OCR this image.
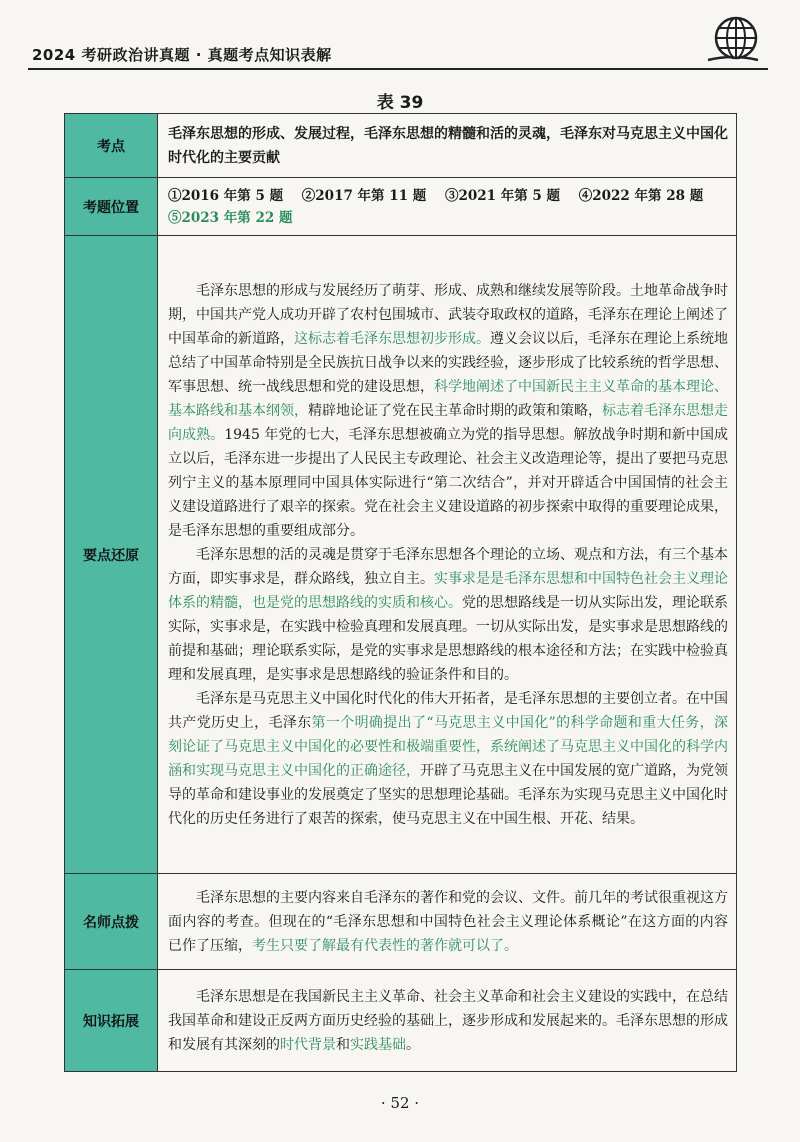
2024 考研政治讲真题 · 真题考点知识表解
表 39
考点	毛泽东思想的形成、发展过程，毛泽东思想的精髓和活的灵魂，毛泽东对马克思主义中国化时代化的主要贡献

考题位置	①2016 年第 5 题 ②2017 年第 11 题 ③2021 年第 5 题 ④2022 年第 28 题
⑤2023 年第 22 题

要点还原	毛泽东思想的形成与发展经历了萌芽、形成、成熟和继续发展等阶段。土地革命战争时期，中国共产党人成功开辟了农村包围城市、武装夺取政权的道路，毛泽东在理论上阐述了中国革命的新道路，这标志着毛泽东思想初步形成。遵义会议以后，毛泽东在理论上系统地总结了中国革命特别是全民族抗日战争以来的实践经验，逐步形成了比较系统的哲学思想、军事思想、统一战线思想和党的建设思想，科学地阐述了中国新民主主义革命的基本理论、基本路线和基本纲领，精辟地论证了党在民主革命时期的政策和策略，标志着毛泽东思想走向成熟。1945 年党的七大，毛泽东思想被确立为党的指导思想。解放战争时期和新中国成立以后，毛泽东进一步提出了人民民主专政理论、社会主义改造理论等，提出了要把马克思列宁主义的基本原理同中国具体实际进行“第二次结合”，并对开辟适合中国国情的社会主义建设道路进行了艰辛的探索。党在社会主义建设道路的初步探索中取得的重要理论成果，是毛泽东思想的重要组成部分。

毛泽东思想的活的灵魂是贯穿于毛泽东思想各个理论的立场、观点和方法，有三个基本方面，即实事求是，群众路线，独立自主。实事求是是毛泽东思想和中国特色社会主义理论体系的精髓，也是党的思想路线的实质和核心。党的思想路线是一切从实际出发，理论联系实际，实事求是，在实践中检验真理和发展真理。一切从实际出发，是实事求是思想路线的前提和基础；理论联系实际，是党的实事求是思想路线的根本途径和方法；在实践中检验真理和发展真理，是实事求是思想路线的验证条件和目的。

毛泽东是马克思主义中国化时代化的伟大开拓者，是毛泽东思想的主要创立者。在中国共产党历史上，毛泽东第一个明确提出了“马克思主义中国化”的科学命题和重大任务，深刻论证了马克思主义中国化的必要性和极端重要性，系统阐述了马克思主义中国化的科学内涵和实现马克思主义中国化的正确途径，开辟了马克思主义在中国发展的宽广道路，为党领导的革命和建设事业的发展奠定了坚实的思想理论基础。毛泽东为实现马克思主义中国化时代化的历史任务进行了艰苦的探索，使马克思主义在中国生根、开花、结果。

名师点拨	毛泽东思想的主要内容来自毛泽东的著作和党的会议、文件。前几年的考试很重视这方面内容的考查。但现在的“毛泽东思想和中国特色社会主义理论体系概论”在这方面的内容已作了压缩，考生只要了解最有代表性的著作就可以了。

知识拓展	毛泽东思想是在我国新民主主义革命、社会主义革命和社会主义建设的实践中，在总结我国革命和建设正反两方面历史经验的基础上，逐步形成和发展起来的。毛泽东思想的形成和发展有其深刻的时代背景和实践基础。

· 52 ·
